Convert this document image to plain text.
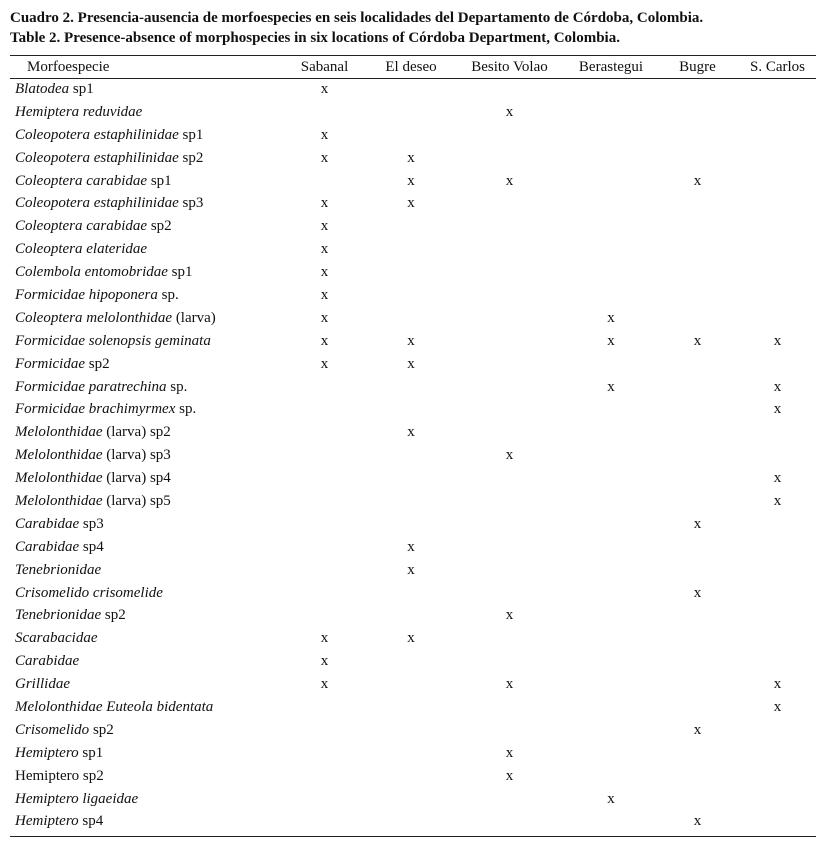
Cuadro 2. Presencia-ausencia de morfoespecies en seis localidades del Departamento de Córdoba, Colombia.
Table 2. Presence-absence of morphospecies in six locations of Córdoba Department, Colombia.
Morfoespecie	Sabanal	El deseo	Besito Volao	Berastegui	Bugre	S. Carlos
Blatodea sp1	x					
Hemiptera reduvidae			x			
Coleopotera estaphilinidae sp1	x					
Coleopotera estaphilinidae sp2	x	x				
Coleoptera carabidae sp1		x	x		x	
Coleopotera estaphilinidae sp3	x	x				
Coleoptera carabidae sp2	x					
Coleoptera elateridae	x					
Colembola entomobridae sp1	x					
Formicidae hipoponera sp.	x					
Coleoptera melolonthidae (larva)	x			x		
Formicidae solenopsis geminata	x	x		x	x	x
Formicidae sp2	x	x				
Formicidae paratrechina sp.				x		x
Formicidae brachimyrmex sp.						x
Melolonthidae (larva) sp2		x				
Melolonthidae (larva) sp3			x			
Melolonthidae (larva) sp4						x
Melolonthidae (larva) sp5						x
Carabidae sp3					x	
Carabidae sp4		x				
Tenebrionidae		x				
Crisomelido crisomelide					x	
Tenebrionidae sp2			x			
Scarabacidae	x	x				
Carabidae	x					
Grillidae	x		x			x
Melolonthidae Euteola bidentata						x
Crisomelido sp2					x	
Hemiptero sp1			x			
Hemiptero sp2			x			
Hemiptero ligaeidae				x		
Hemiptero sp4					x	
